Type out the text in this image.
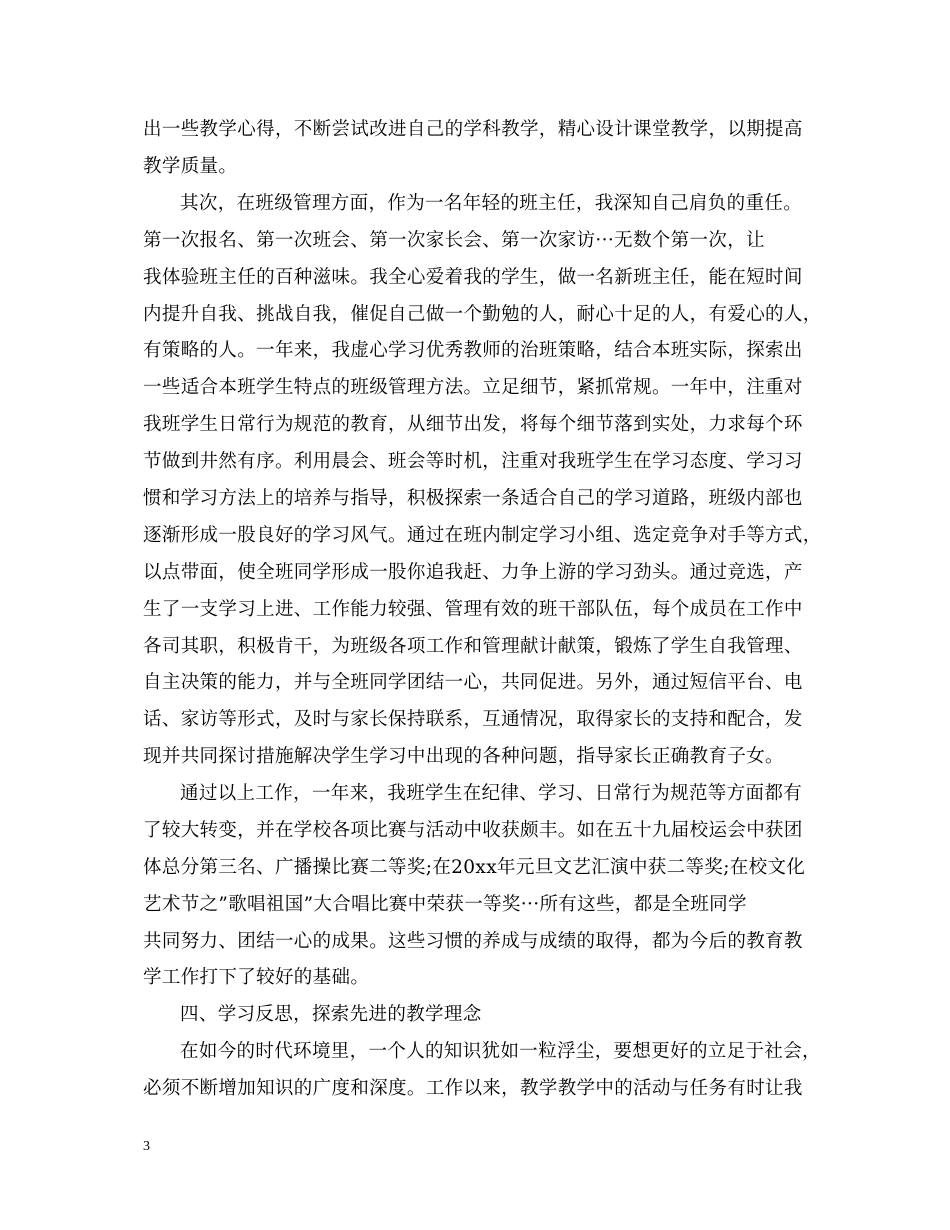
出一些教学心得，不断尝试改进自己的学科教学，精心设计课堂教学，以期提高
教学质量。
其次，在班级管理方面，作为一名年轻的班主任，我深知自己肩负的重任。
第一次报名、第一次班会、第一次家长会、第一次家访···无数个第一次，让
我体验班主任的百种滋味。我全心爱着我的学生，做一名新班主任，能在短时间
内提升自我、挑战自我，催促自己做一个勤勉的人，耐心十足的人，有爱心的人，
有策略的人。一年来，我虚心学习优秀教师的治班策略，结合本班实际，探索出
一些适合本班学生特点的班级管理方法。立足细节，紧抓常规。一年中，注重对
我班学生日常行为规范的教育，从细节出发，将每个细节落到实处，力求每个环
节做到井然有序。利用晨会、班会等时机，注重对我班学生在学习态度、学习习
惯和学习方法上的培养与指导，积极探索一条适合自己的学习道路，班级内部也
逐渐形成一股良好的学习风气。通过在班内制定学习小组、选定竞争对手等方式，
以点带面，使全班同学形成一股你追我赶、力争上游的学习劲头。通过竞选，产
生了一支学习上进、工作能力较强、管理有效的班干部队伍，每个成员在工作中
各司其职，积极肯干，为班级各项工作和管理献计献策，锻炼了学生自我管理、
自主决策的能力，并与全班同学团结一心，共同促进。另外，通过短信平台、电
话、家访等形式，及时与家长保持联系，互通情况，取得家长的支持和配合，发
现并共同探讨措施解决学生学习中出现的各种问题，指导家长正确教育子女。
通过以上工作，一年来，我班学生在纪律、学习、日常行为规范等方面都有
了较大转变，并在学校各项比赛与活动中收获颇丰。如在五十九届校运会中获团
体总分第三名、广播操比赛二等奖;在20xx年元旦文艺汇演中获二等奖;在校文化
艺术节之”歌唱祖国”大合唱比赛中荣获一等奖···所有这些，都是全班同学
共同努力、团结一心的成果。这些习惯的养成与成绩的取得，都为今后的教育教
学工作打下了较好的基础。
四、学习反思，探索先进的教学理念
在如今的时代环境里，一个人的知识犹如一粒浮尘，要想更好的立足于社会，
必须不断增加知识的广度和深度。工作以来，教学教学中的活动与任务有时让我
3
